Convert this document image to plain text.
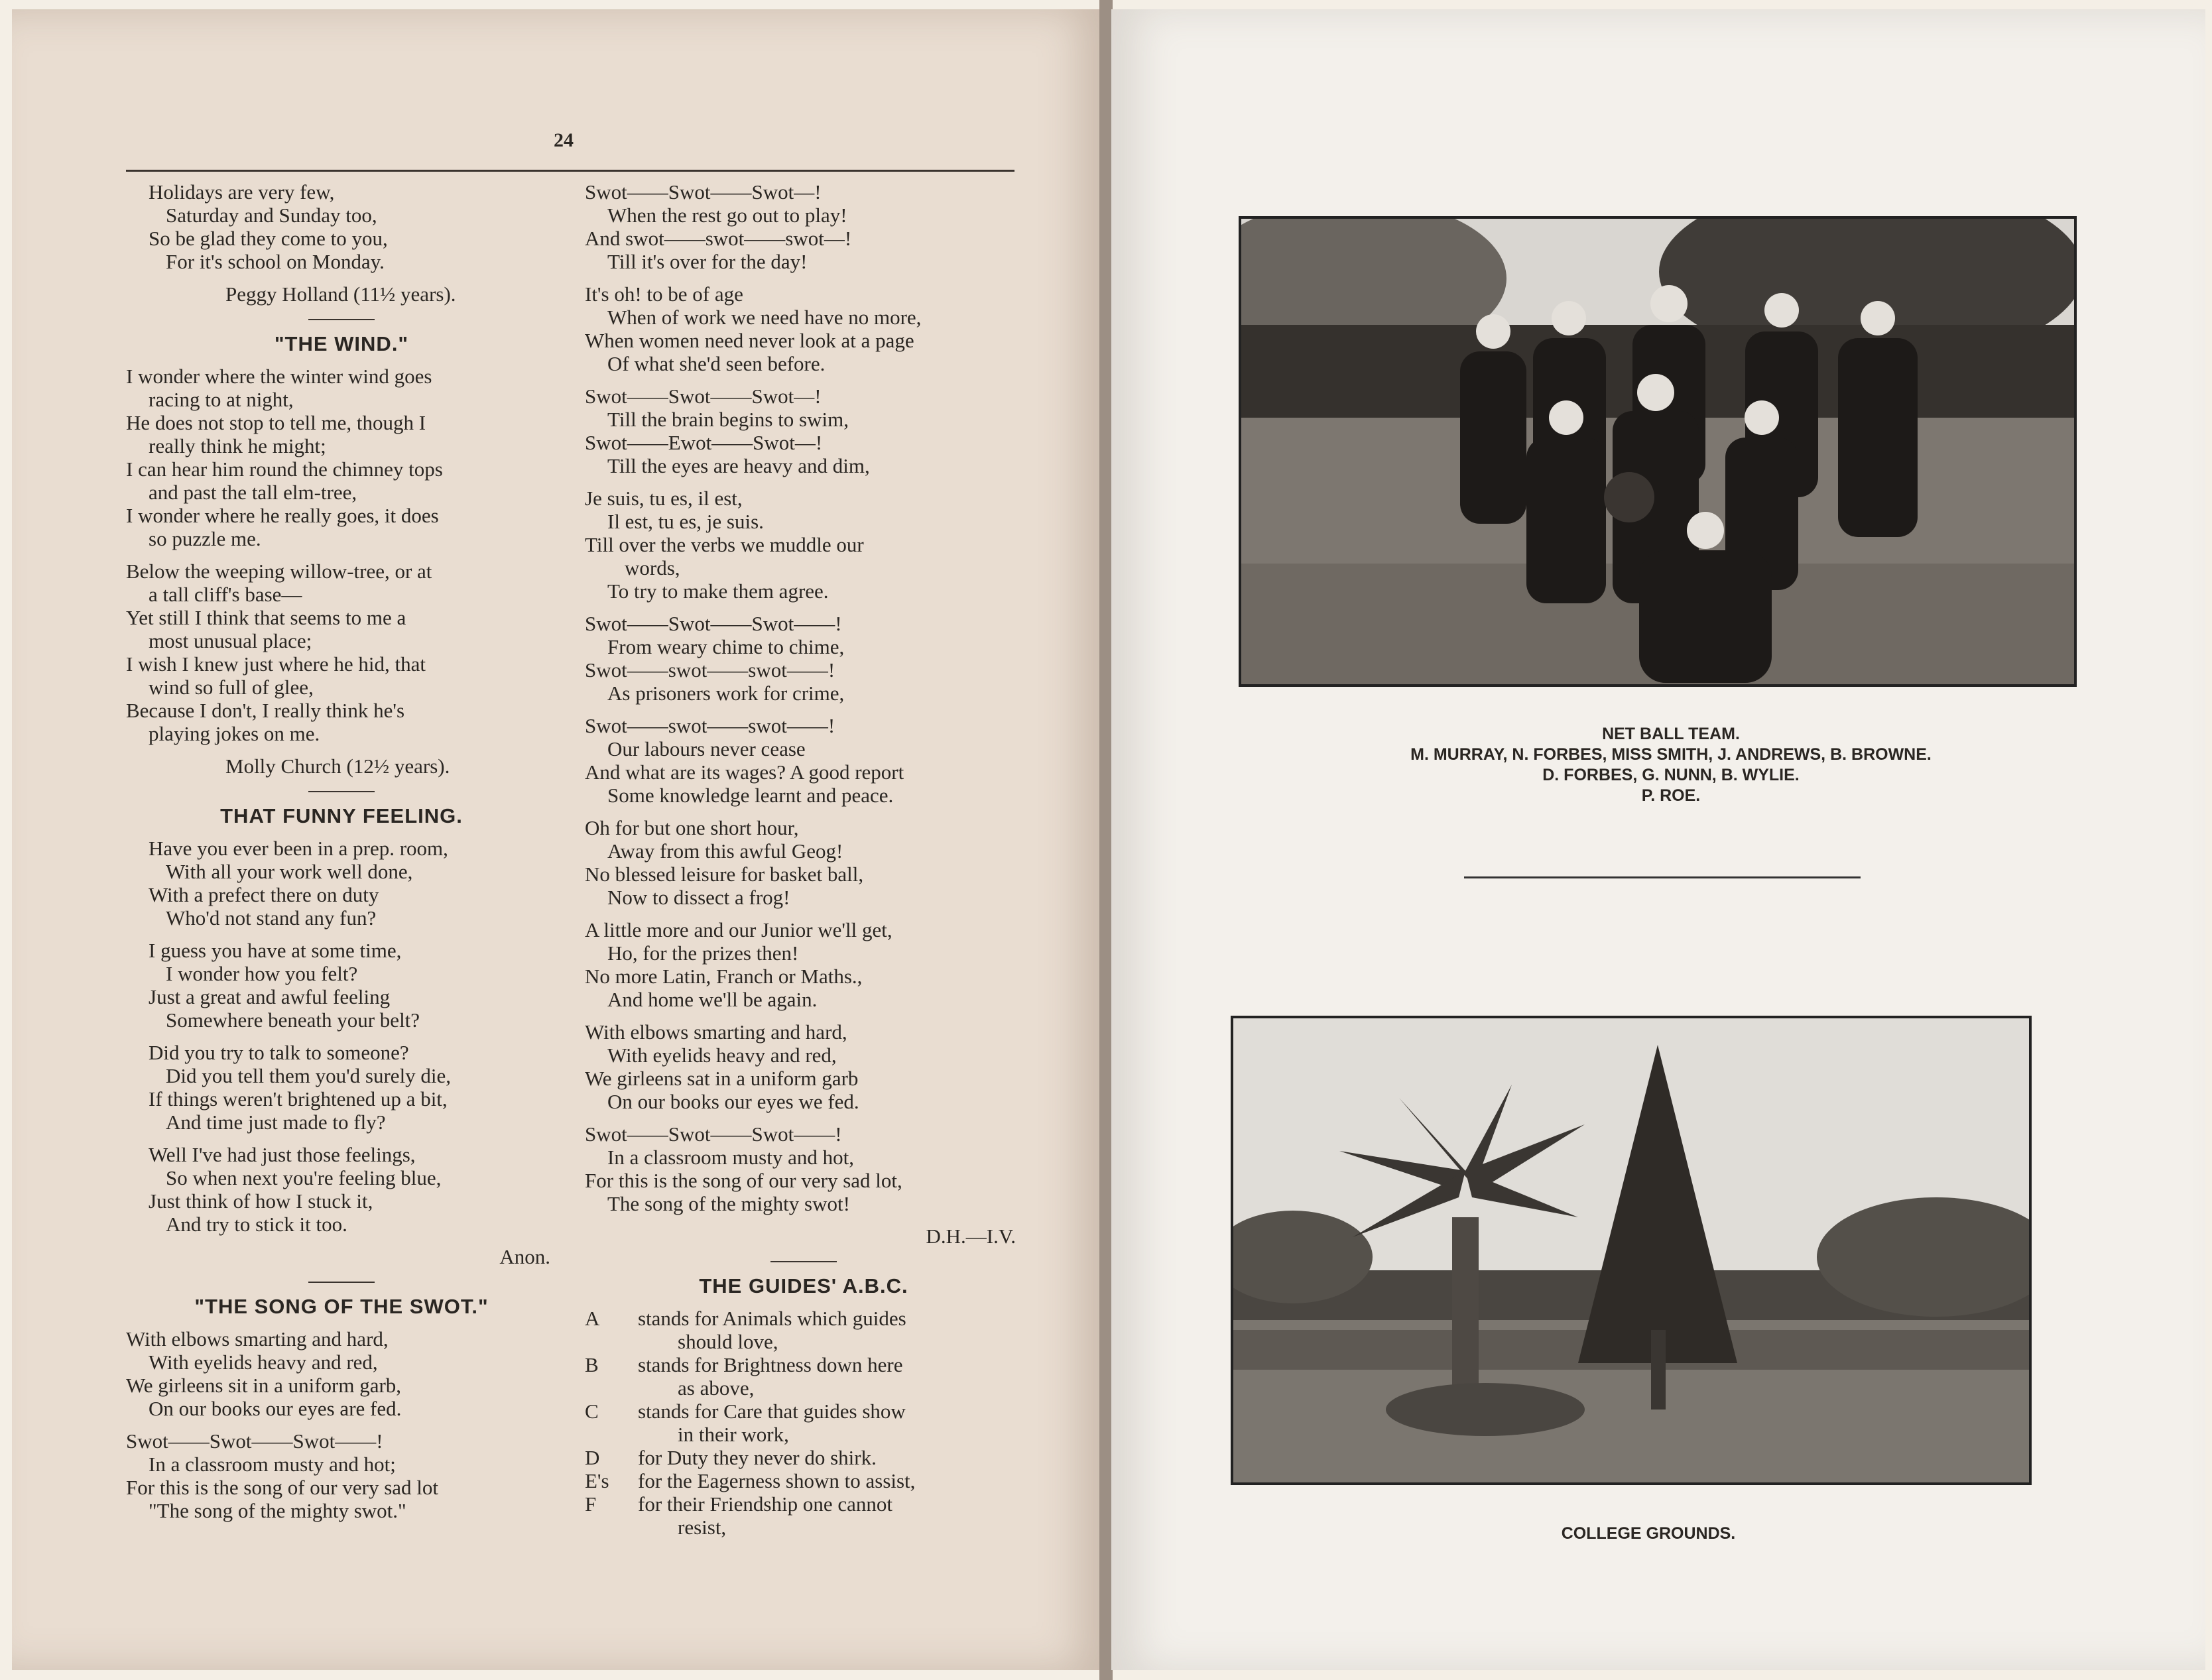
24
Holidays are very few,
Saturday and Sunday too,
So be glad they come to you,
For it's school on Monday.
Peggy Holland (11½ years).
"THE WIND."
I wonder where the winter wind goes
racing to at night,
He does not stop to tell me, though I
really think he might;
I can hear him round the chimney tops
and past the tall elm-tree,
I wonder where he really goes, it does
so puzzle me.
Below the weeping willow-tree, or at
a tall cliff's base—
Yet still I think that seems to me a
most unusual place;
I wish I knew just where he hid, that
wind so full of glee,
Because I don't, I really think he's
playing jokes on me.
Molly Church (12½ years).
THAT FUNNY FEELING.
Have you ever been in a prep. room,
With all your work well done,
With a prefect there on duty
Who'd not stand any fun?
I guess you have at some time,
I wonder how you felt?
Just a great and awful feeling
Somewhere beneath your belt?
Did you try to talk to someone?
Did you tell them you'd surely die,
If things weren't brightened up a bit,
And time just made to fly?
Well I've had just those feelings,
So when next you're feeling blue,
Just think of how I stuck it,
And try to stick it too.
Anon.
"THE SONG OF THE SWOT."
With elbows smarting and hard,
With eyelids heavy and red,
We girleens sit in a uniform garb,
On our books our eyes are fed.
Swot——Swot——Swot——!
In a classroom musty and hot;
For this is the song of our very sad lot
"The song of the mighty swot."
Swot——Swot——Swot—!
When the rest go out to play!
And swot——swot——swot—!
Till it's over for the day!
It's oh! to be of age
When of work we need have no more,
When women need never look at a page
Of what she'd seen before.
Swot——Swot——Swot—!
Till the brain begins to swim,
Swot——Ewot——Swot—!
Till the eyes are heavy and dim,
Je suis, tu es, il est,
Il est, tu es, je suis.
Till over the verbs we muddle our
words,
To try to make them agree.
Swot——Swot——Swot——!
From weary chime to chime,
Swot——swot——swot——!
As prisoners work for crime,
Swot——swot——swot——!
Our labours never cease
And what are its wages? A good report
Some knowledge learnt and peace.
Oh for but one short hour,
Away from this awful Geog!
No blessed leisure for basket ball,
Now to dissect a frog!
A little more and our Junior we'll get,
Ho, for the prizes then!
No more Latin, Franch or Maths.,
And home we'll be again.
With elbows smarting and hard,
With eyelids heavy and red,
We girleens sat in a uniform garb
On our books our eyes we fed.
Swot——Swot——Swot——!
In a classroom musty and hot,
For this is the song of our very sad lot,
The song of the mighty swot!
D.H.—I.V.
THE GUIDES' A.B.C.
A	stands for Animals which guides
should love,
B	stands for Brightness down here
as above,
C	stands for Care that guides show
in their work,
D	for Duty they never do shirk.
E's	for the Eagerness shown to assist,
F	for their Friendship one cannot
resist,
NET BALL TEAM.
M. MURRAY, N. FORBES, MISS SMITH, J. ANDREWS, B. BROWNE.
D. FORBES, G. NUNN, B. WYLIE.
P. ROE.
COLLEGE GROUNDS.
